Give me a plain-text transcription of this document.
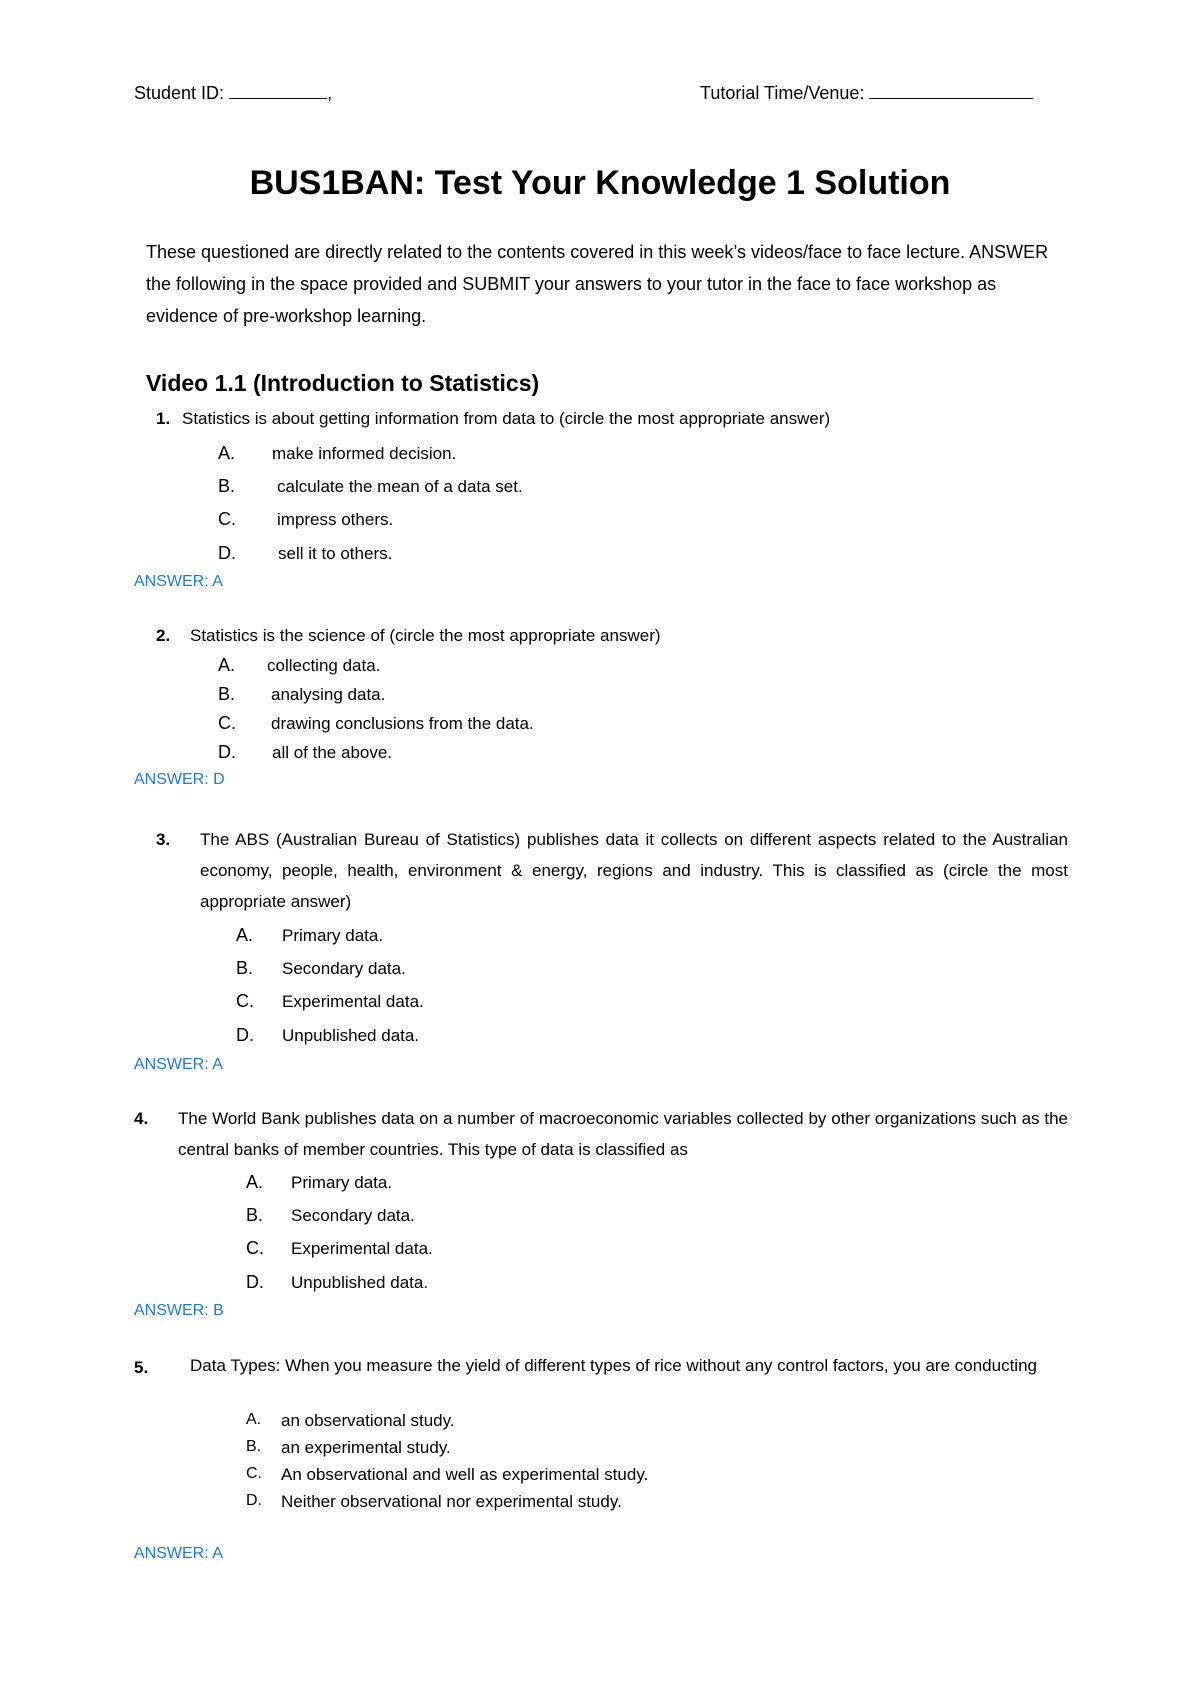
Student ID:	,	Tutorial Time/Venue:
BUS1BAN: Test Your Knowledge 1 Solution
These questioned are directly related to the contents covered in this week’s videos/face to face lecture. ANSWER the following in the space provided and SUBMIT your answers to your tutor in the face to face workshop as evidence of pre-workshop learning.
Video 1.1 (Introduction to Statistics)
1. Statistics is about getting information from data to (circle the most appropriate answer)
A. make informed decision.
B. calculate the mean of a data set.
C. impress others.
D. sell it to others.
ANSWER: A
2. Statistics is the science of (circle the most appropriate answer)
A. collecting data.
B. analysing data.
C. drawing conclusions from the data.
D. all of the above.
ANSWER: D
3. The ABS (Australian Bureau of Statistics) publishes data it collects on different aspects related to the Australian economy, people, health, environment & energy, regions and industry. This is classified as (circle the most appropriate answer)
A. Primary data.
B. Secondary data.
C. Experimental data.
D. Unpublished data.
ANSWER: A
4. The World Bank publishes data on a number of macroeconomic variables collected by other organizations such as the central banks of member countries. This type of data is classified as
A. Primary data.
B. Secondary data.
C. Experimental data.
D. Unpublished data.
ANSWER: B
5. Data Types: When you measure the yield of different types of rice without any control factors, you are conducting
A. an observational study.
B. an experimental study.
C. An observational and well as experimental study.
D. Neither observational nor experimental study.
ANSWER: A
